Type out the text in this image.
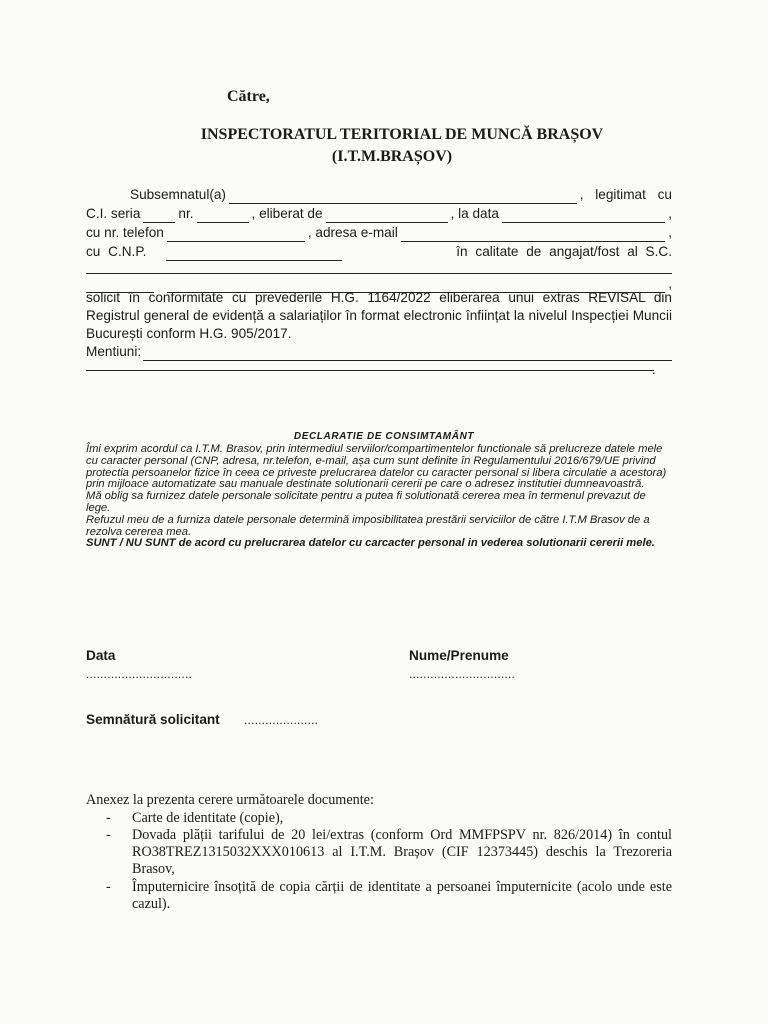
Către,
INSPECTORATUL TERITORIAL DE MUNCĂ BRAȘOV
(I.T.M.BRAȘOV)
Subsemnatul(a)	, legitimat cu
C.I. seria	nr.	, eliberat de	, la data	,
cu nr. telefon	, adresa e-mail	,
cu C.N.P.	în calitate de angajat/fost al S.C.
,

solicit în conformitate cu prevederile H.G. 1164/2022 eliberarea unui extras REVISAL din Registrul general de evidență a salariaților în format electronic înființat la nivelul Inspecției Muncii București conform H.G. 905/2017.

Mentiuni:
.
DECLARATIE DE CONSIMTAMÂNT

Îmi exprim acordul ca I.T.M. Brasov, prin intermediul serviilor/compartimentelor functionale să prelucreze datele mele cu caracter personal (CNP, adresa, nr.telefon, e-mail, așa cum sunt definite în Regulamentului 2016/679/UE privind protectia persoanelor fizice în ceea ce priveste prelucrarea datelor cu caracter personal si libera circulatie a acestora) prin mijloace automatizate sau manuale destinate solutionarii cererii pe care o adresez institutiei dumneavoastră.

Mă oblig sa furnizez datele personale solicitate pentru a putea fi solutionată cererea mea în termenul prevazut de lege.

Refuzul meu de a furniza datele personale determină imposibilitatea prestării serviciilor de către I.T.M Brasov de a rezolva cererea mea.

SUNT / NU SUNT de acord cu prelucrarea datelor cu carcacter personal in vederea solutionarii cererii mele.

Data
..............................
Nume/Prenume
..............................
Semnătură solicitant .....................
Anexez la prezenta cerere următoarele documente:
- Carte de identitate (copie),
- Dovada plății tarifului de 20 lei/extras (conform Ord MMFPSPV nr. 826/2014) în contul RO38TREZ1315032XXX010613 al I.T.M. Brașov (CIF 12373445) deschis la Trezoreria Brasov,
- Împuternicire însoțită de copia cărții de identitate a persoanei împuternicite (acolo unde este cazul).
